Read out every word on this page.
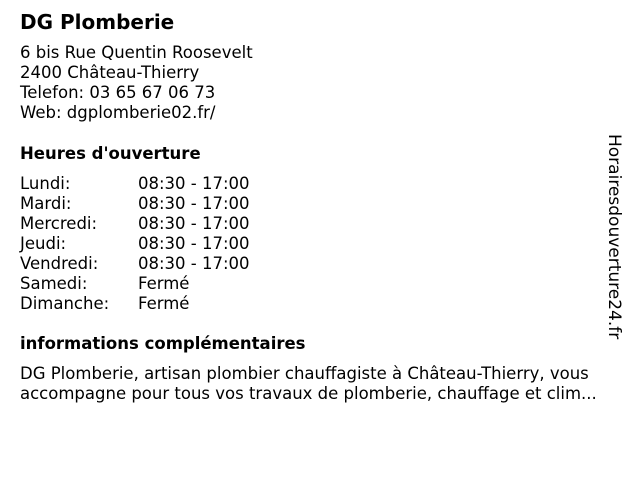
DG Plomberie
6 bis Rue Quentin Roosevelt
2400 Château-Thierry
Telefon: 03 65 67 06 73
Web: dgplomberie02.fr/
Heures d'ouverture
Lundi:	08:30 - 17:00
Mardi:	08:30 - 17:00
Mercredi:	08:30 - 17:00
Jeudi:	08:30 - 17:00
Vendredi:	08:30 - 17:00
Samedi:	Fermé
Dimanche:	Fermé
informations complémentaires
DG Plomberie, artisan plombier chauffagiste à Château-Thierry, vous
accompagne pour tous vos travaux de plomberie, chauffage et clim...
Horairesdouverture24.fr
